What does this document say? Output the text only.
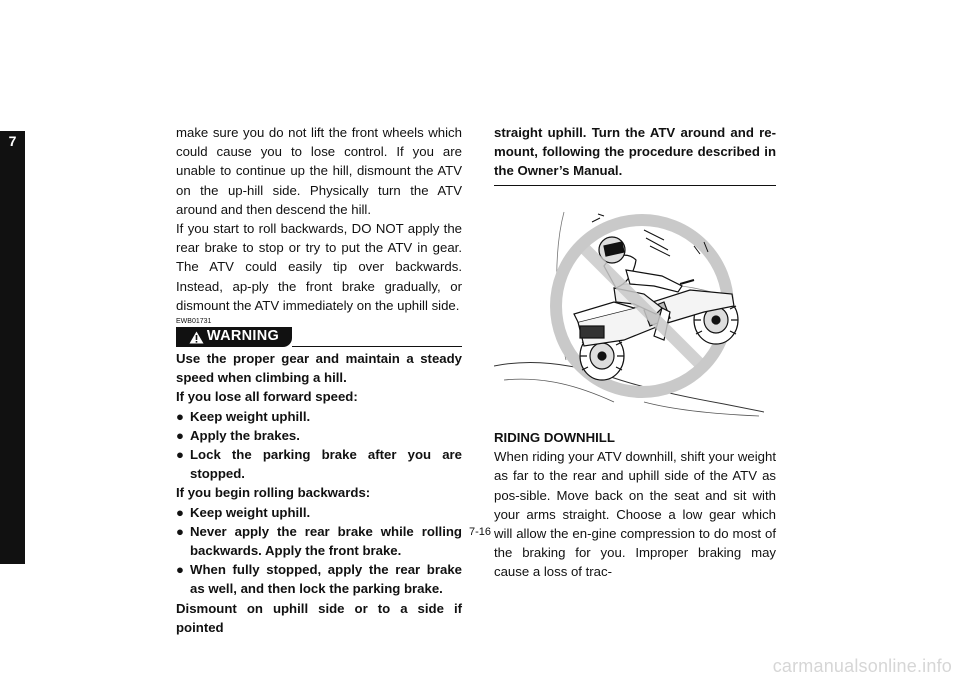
7

make sure you do not lift the front wheels which could cause you to lose control. If you are unable to continue up the hill, dismount the ATV on the up-hill side. Physically turn the ATV around and then descend the hill.

If you start to roll backwards, DO NOT apply the rear brake to stop or try to put the ATV in gear. The ATV could easily tip over backwards. Instead, ap-ply the front brake gradually, or dismount the ATV immediately on the uphill side.

EWB01731
WARNING

Use the proper gear and maintain a steady speed when climbing a hill.

If you lose all forward speed:

● Keep weight uphill.
● Apply the brakes.
● Lock the parking brake after you are stopped.

If you begin rolling backwards:

● Keep weight uphill.
● Never apply the rear brake while rolling backwards. Apply the front brake.
● When fully stopped, apply the rear brake as well, and then lock the parking brake.

Dismount on uphill side or to a side if pointed

straight uphill. Turn the ATV around and re-mount, following the procedure described in the Owner’s Manual.

RIDING DOWNHILL

When riding your ATV downhill, shift your weight as far to the rear and uphill side of the ATV as pos-sible. Move back on the seat and sit with your arms straight. Choose a low gear which will allow the en-gine compression to do most of the braking for you. Improper braking may cause a loss of trac-

7-16
carmanualsonline.info
